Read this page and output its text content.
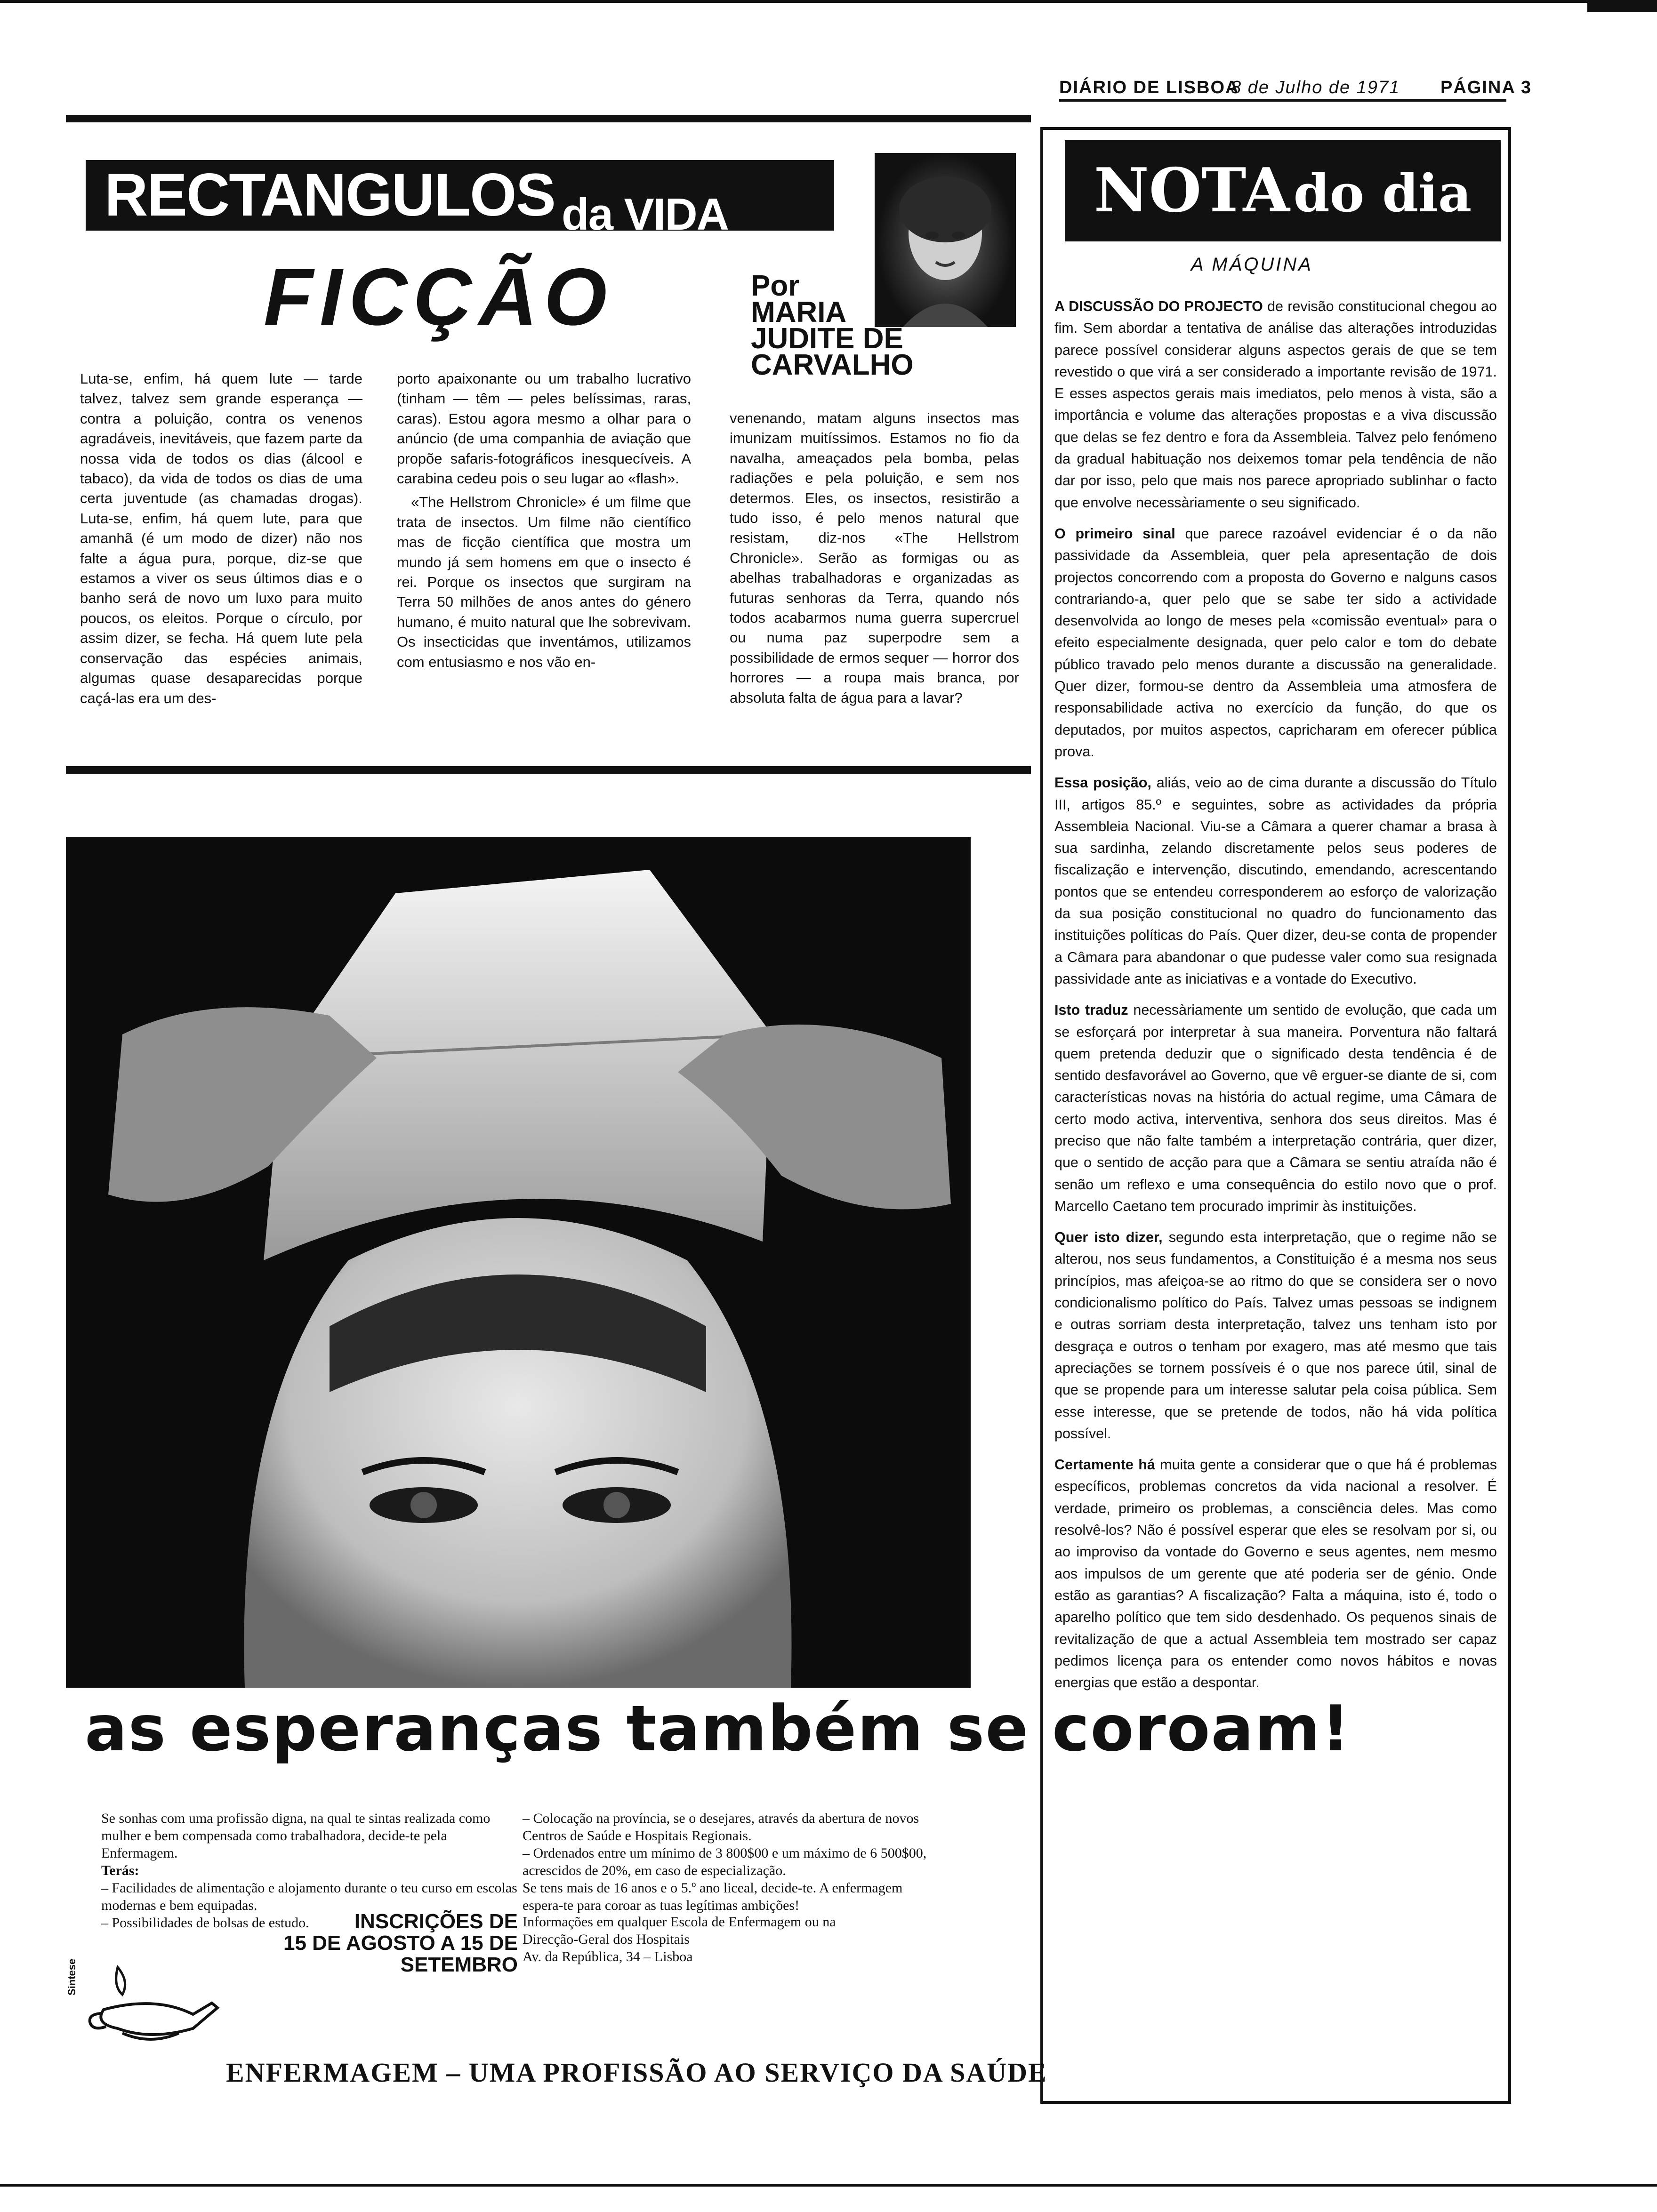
DIÁRIO DE LISBOA
8 de Julho de 1971 PÁGINA 3
RECTANGULOS $_{da VIDA}$
FICÇÃO	Por
MARIA
JUDITE DE CARVALHO

Luta-se, enfim, há quem lute — tarde talvez, talvez sem grande esperança — contra a poluição, contra os venenos agradáveis, inevitáveis, que fazem parte da nossa vida de todos os dias (álcool e tabaco), da vida de todos os dias de uma certa juventude (as chamadas drogas). Luta-se, enfim, há quem lute, para que amanhã (é um modo de dizer) não nos falte a água pura, porque, diz-se que estamos a viver os seus últimos dias e o banho será de novo um luxo para muito poucos, os eleitos. Porque o círculo, por assim dizer, se fecha. Há quem lute pela conservação das espécies animais, algumas quase desaparecidas porque caçá-las era um des-

porto apaixonante ou um trabalho lucrativo (tinham — têm — peles belíssimas, raras, caras). Estou agora mesmo a olhar para o anúncio (de uma companhia de aviação que propõe safaris-fotográficos inesquecíveis. A carabina cedeu pois o seu lugar ao «flash».

«The Hellstrom Chronicle» é um filme que trata de insectos. Um filme não científico mas de ficção científica que mostra um mundo já sem homens em que o insecto é rei. Porque os insectos que surgiram na Terra 50 milhões de anos antes do género humano, é muito natural que lhe sobrevivam. Os insecticidas que inventámos, utilizamos com entusiasmo e nos vão en-

venenando, matam alguns insectos mas imunizam muitíssimos. Estamos no fio da navalha, ameaçados pela bomba, pelas radiações e pela poluição, e sem nos determos. Eles, os insectos, resistirão a tudo isso, é pelo menos natural que resistam, diz-nos «The Hellstrom Chronicle». Serão as formigas ou as abelhas trabalhadoras e organizadas as futuras senhoras da Terra, quando nós todos acabarmos numa guerra supercruel ou numa paz superpodre sem a possibilidade de ermos sequer — horror dos horrores — a roupa mais branca, por absoluta falta de água para a lavar?

NOTAdo dia
A MÁQUINA

A DISCUSSÃO DO PROJECTO de revisão constitucional chegou ao fim. Sem abordar a tentativa de análise das alterações introduzidas parece possível considerar alguns aspectos gerais de que se tem revestido o que virá a ser considerado a importante revisão de 1971. E esses aspectos gerais mais imediatos, pelo menos à vista, são a importância e volume das alterações propostas e a viva discussão que delas se fez dentro e fora da Assembleia. Talvez pelo fenómeno da gradual habituação nos deixemos tomar pela tendência de não dar por isso, pelo que mais nos parece apropriado sublinhar o facto que envolve necessàriamente o seu significado.

O primeiro sinal que parece razoável evidenciar é o da não passividade da Assembleia, quer pela apresentação de dois projectos concorrendo com a proposta do Governo e nalguns casos contrariando-a, quer pelo que se sabe ter sido a actividade desenvolvida ao longo de meses pela «comissão eventual» para o efeito especialmente designada, quer pelo calor e tom do debate público travado pelo menos durante a discussão na generalidade. Quer dizer, formou-se dentro da Assembleia uma atmosfera de responsabilidade activa no exercício da função, do que os deputados, por muitos aspectos, capricharam em oferecer pública prova.

Essa posição, aliás, veio ao de cima durante a discussão do Título III, artigos 85.º e seguintes, sobre as actividades da própria Assembleia Nacional. Viu-se a Câmara a querer chamar a brasa à sua sardinha, zelando discretamente pelos seus poderes de fiscalização e intervenção, discutindo, emendando, acrescentando pontos que se entendeu corresponderem ao esforço de valorização da sua posição constitucional no quadro do funcionamento das instituições políticas do País. Quer dizer, deu-se conta de propender a Câmara para abandonar o que pudesse valer como sua resignada passividade ante as iniciativas e a vontade do Executivo.

Isto traduz necessàriamente um sentido de evolução, que cada um se esforçará por interpretar à sua maneira. Porventura não faltará quem pretenda deduzir que o significado desta tendência é de sentido desfavorável ao Governo, que vê erguer-se diante de si, com características novas na história do actual regime, uma Câmara de certo modo activa, interventiva, senhora dos seus direitos. Mas é preciso que não falte também a interpretação contrária, quer dizer, que o sentido de acção para que a Câmara se sentiu atraída não é senão um reflexo e uma consequência do estilo novo que o prof. Marcello Caetano tem procurado imprimir às instituições.

Quer isto dizer, segundo esta interpretação, que o regime não se alterou, nos seus fundamentos, a Constituição é a mesma nos seus princípios, mas afeiçoa-se ao ritmo do que se considera ser o novo condicionalismo político do País. Talvez umas pessoas se indignem e outras sorriam desta interpretação, talvez uns tenham isto por desgraça e outros o tenham por exagero, mas até mesmo que tais apreciações se tornem possíveis é o que nos parece útil, sinal de que se propende para um interesse salutar pela coisa pública. Sem esse interesse, que se pretende de todos, não há vida política possível.

Certamente há muita gente a considerar que o que há é problemas específicos, problemas concretos da vida nacional a resolver. É verdade, primeiro os problemas, a consciência deles. Mas como resolvê-los? Não é possível esperar que eles se resolvam por si, ou ao improviso da vontade do Governo e seus agentes, nem mesmo aos impulsos de um gerente que até poderia ser de génio. Onde estão as garantias? A fiscalização? Falta a máquina, isto é, todo o aparelho político que tem sido desdenhado. Os pequenos sinais de revitalização de que a actual Assembleia tem mostrado ser capaz pedimos licença para os entender como novos hábitos e novas energias que estão a despontar.

as esperanças também se coroam!

Se sonhas com uma profissão digna, na qual te sintas realizada como mulher e bem compensada como trabalhadora, decide-te pela Enfermagem.

Terás:

– Facilidades de alimentação e alojamento durante o teu curso em escolas modernas e bem equipadas.

– Possibilidades de bolsas de estudo.

– Colocação na província, se o desejares, através da abertura de novos Centros de Saúde e Hospitais Regionais.

– Ordenados entre um mínimo de 3 800$00 e um máximo de 6 500$00, acrescidos de 20%, em caso de especialização.

Se tens mais de 16 anos e o 5.º ano liceal, decide-te. A enfermagem espera-te para coroar as tuas legítimas ambições!

INSCRIÇÕES DE
15 DE AGOSTO A 15 DE SETEMBRO

Informações em qualquer Escola de Enfermagem ou na

Direcção-Geral dos Hospitais

Av. da República, 34 – Lisboa

Sintese
ENFERMAGEM – UMA PROFISSÃO AO SERVIÇO DA SAÚDE
